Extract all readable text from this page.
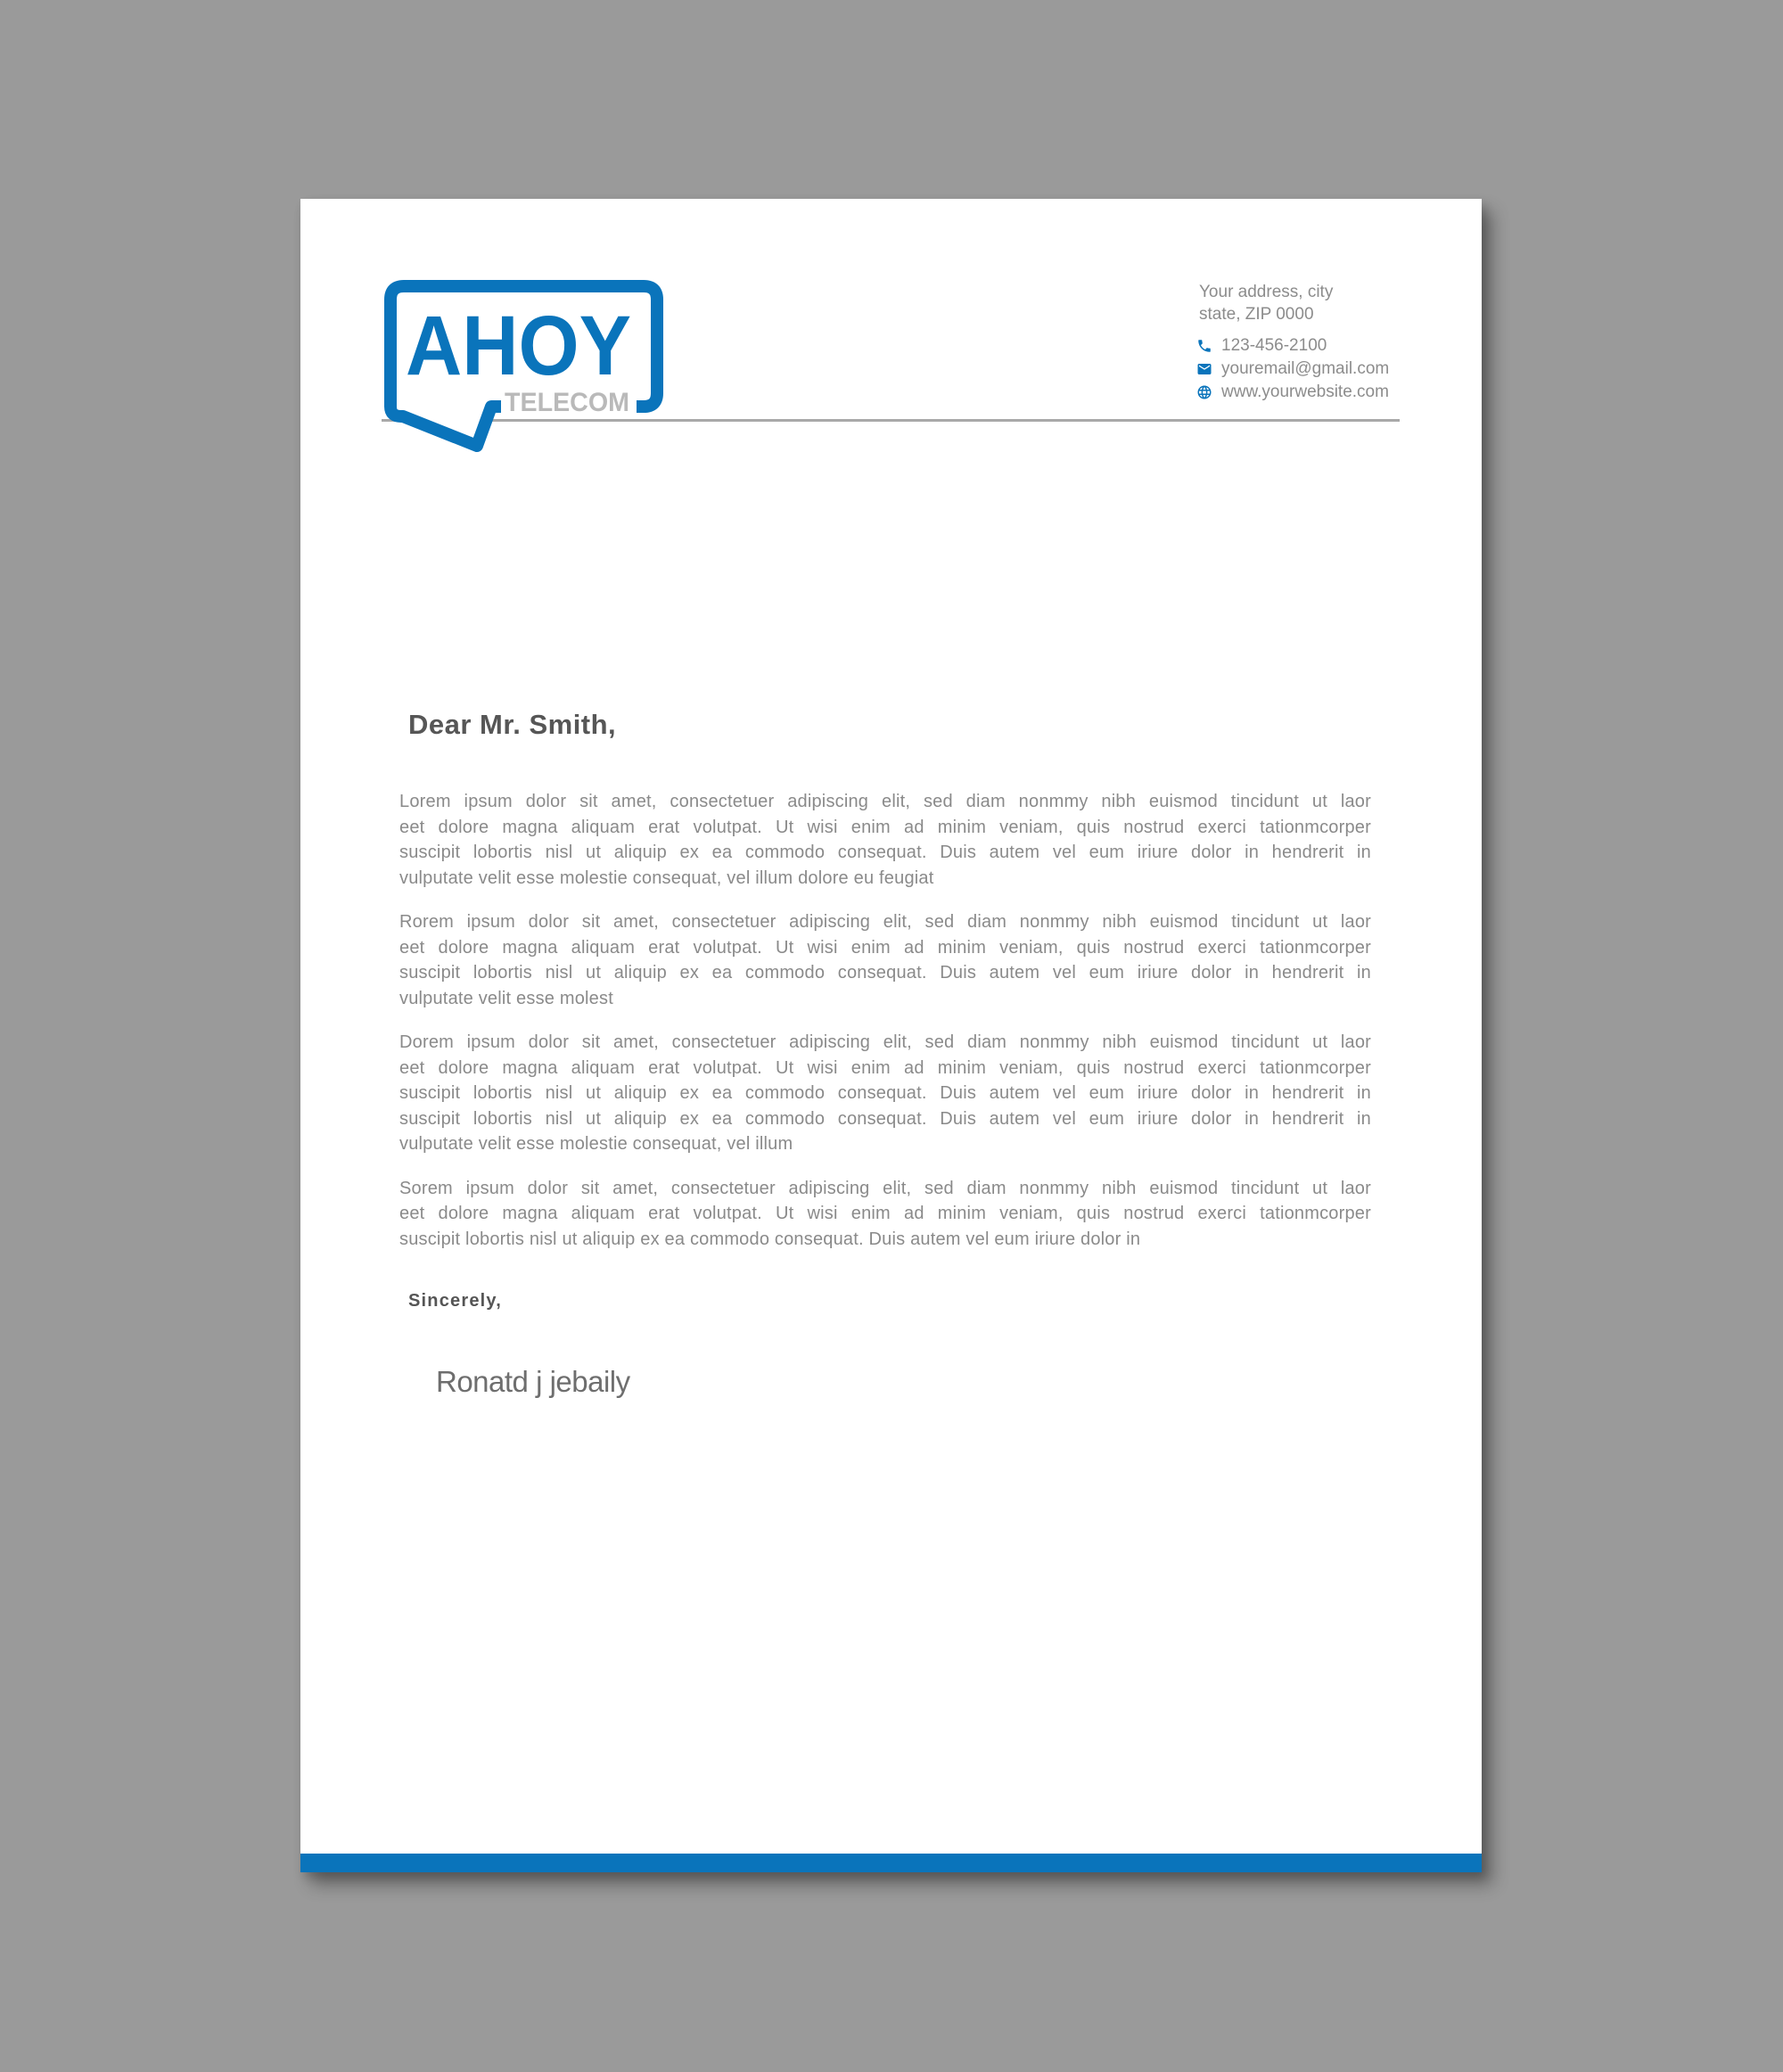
AHOY
TELECOM
Your address, city
state, ZIP 0000
123-456-2100
youremail@gmail.com
www.yourwebsite.com
Dear Mr. Smith,

Lorem ipsum dolor sit amet, consectetuer adipiscing elit, sed diam nonmmy nibh euismod tincidunt ut laor
eet dolore magna aliquam erat volutpat. Ut wisi enim ad minim veniam, quis nostrud exerci tationmcorper
suscipit lobortis nisl ut aliquip ex ea commodo consequat. Duis autem vel eum iriure dolor in hendrerit in
vulputate velit esse molestie consequat, vel illum dolore eu feugiat

Rorem ipsum dolor sit amet, consectetuer adipiscing elit, sed diam nonmmy nibh euismod tincidunt ut laor
eet dolore magna aliquam erat volutpat. Ut wisi enim ad minim veniam, quis nostrud exerci tationmcorper
suscipit lobortis nisl ut aliquip ex ea commodo consequat. Duis autem vel eum iriure dolor in hendrerit in
vulputate velit esse molest

Dorem ipsum dolor sit amet, consectetuer adipiscing elit, sed diam nonmmy nibh euismod tincidunt ut laor
eet dolore magna aliquam erat volutpat. Ut wisi enim ad minim veniam, quis nostrud exerci tationmcorper
suscipit lobortis nisl ut aliquip ex ea commodo consequat. Duis autem vel eum iriure dolor in hendrerit in
suscipit lobortis nisl ut aliquip ex ea commodo consequat. Duis autem vel eum iriure dolor in hendrerit in
vulputate velit esse molestie consequat, vel illum

Sorem ipsum dolor sit amet, consectetuer adipiscing elit, sed diam nonmmy nibh euismod tincidunt ut laor
eet dolore magna aliquam erat volutpat. Ut wisi enim ad minim veniam, quis nostrud exerci tationmcorper
suscipit lobortis nisl ut aliquip ex ea commodo consequat. Duis autem vel eum iriure dolor in

Sincerely,
Ronatd j jebaily
